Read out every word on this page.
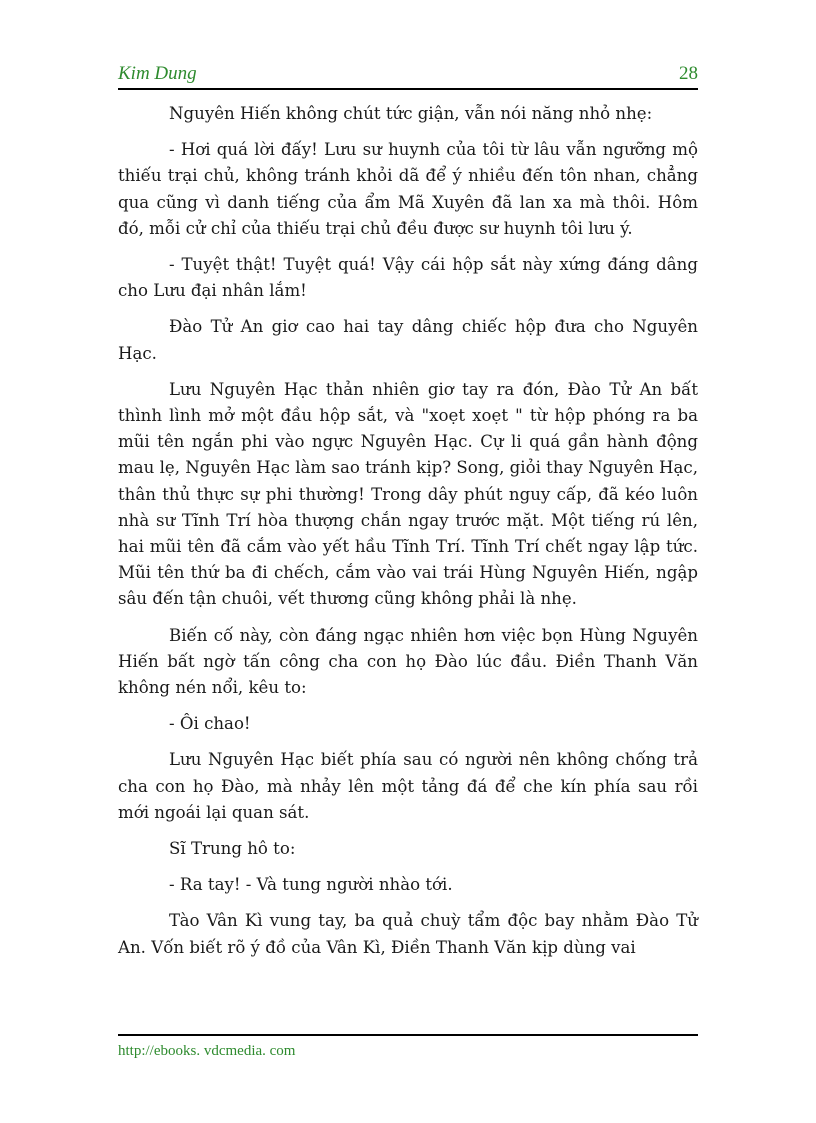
Kim Dung	28

Nguyên Hiến không chút tức giận, vẫn nói năng nhỏ nhẹ:

- Hơi quá lời đấy! Lưu sư huynh của tôi từ lâu vẫn ngưỡng mộ thiếu trại chủ, không tránh khỏi dã để ý nhiều đến tôn nhan, chẳng qua cũng vì danh tiếng của ẩm Mã Xuyên đã lan xa mà thôi. Hôm đó, mỗi cử chỉ của thiếu trại chủ đều được sư huynh tôi lưu ý.

- Tuyệt thật! Tuyệt quá! Vậy cái hộp sắt này xứng đáng dâng cho Lưu đại nhân lắm!

Đào Tử An giơ cao hai tay dâng chiếc hộp đưa cho Nguyên Hạc.

Lưu Nguyên Hạc thản nhiên giơ tay ra đón, Đào Tử An bất thình lình mở một đầu hộp sắt, và "xoẹt xoẹt " từ hộp phóng ra ba mũi tên ngắn phi vào ngực Nguyên Hạc. Cự li quá gần hành động mau lẹ, Nguyên Hạc làm sao tránh kịp? Song, giỏi thay Nguyên Hạc, thân thủ thực sự phi thường! Trong dây phút nguy cấp, đã kéo luôn nhà sư Tĩnh Trí hòa thượng chắn ngay trước mặt. Một tiếng rú lên, hai mũi tên đã cắm vào yết hầu Tĩnh Trí. Tĩnh Trí chết ngay lập tức. Mũi tên thứ ba đi chếch, cắm vào vai trái Hùng Nguyên Hiến, ngập sâu đến tận chuôi, vết thương cũng không phải là nhẹ.

Biến cố này, còn đáng ngạc nhiên hơn việc bọn Hùng Nguyên Hiến bất ngờ tấn công cha con họ Đào lúc đầu. Điền Thanh Văn không nén nổi, kêu to:

- Ôi chao!

Lưu Nguyên Hạc biết phía sau có người nên không chống trả cha con họ Đào, mà nhảy lên một tảng đá để che kín phía sau rồi mới ngoái lại quan sát.

Sĩ Trung hô to:

- Ra tay! - Và tung người nhào tới.

Tào Vân Kì vung tay, ba quả chuỳ tẩm độc bay nhằm Đào Tử An. Vốn biết rõ ý đồ của Vân Kì, Điền Thanh Văn kịp dùng vai

http://ebooks. vdcmedia. com
